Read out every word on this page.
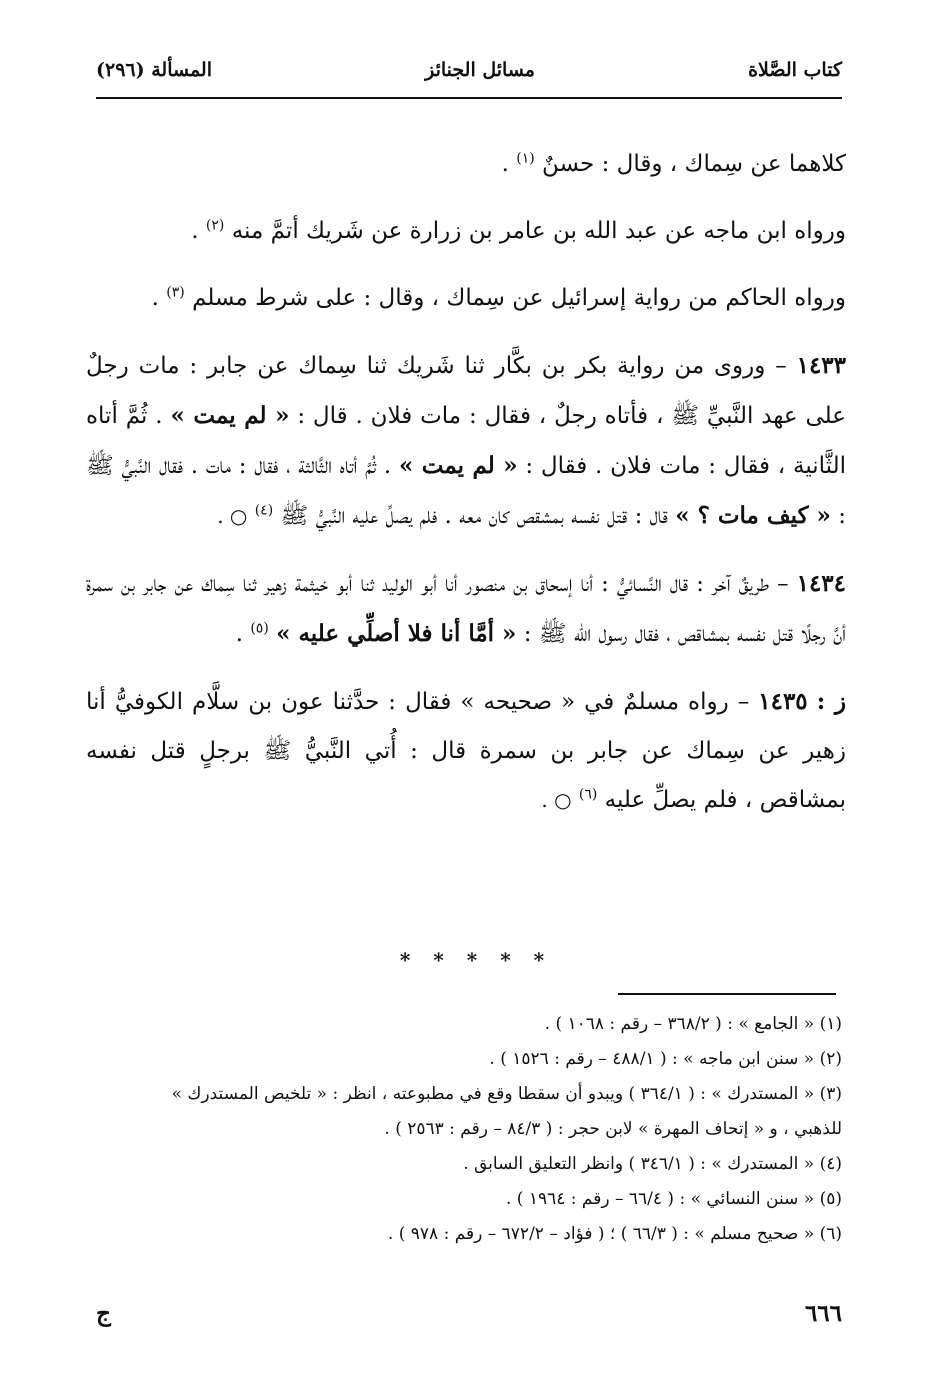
كتاب الصَّلاة
مسائل الجنائز
المسألة (٢٩٦)

كلاهما عن سِماك ، وقال : حسنٌ $^{(١)}$ .

ورواه ابن ماجه عن عبد الله بن عامر بن زرارة عن شَريك أتمَّ منه $^{(٢)}$ .

ورواه الحاكم من رواية إسرائيل عن سِماك ، وقال : على شرط مسلم $^{(٣)}$ .

١٤٣٣ – وروى من رواية بكر بن بكَّار ثنا شَريك ثنا سِماك عن جابر : مات رجلٌ على عهد النَّبيِّ ﷺ ، فأتاه رجلٌ ، فقال : مات فلان . قال : « لم يمت » . ثُمَّ أتاه الثَّانية ، فقال : مات فلان . فقال : « لم يمت » . ثُمَّ أتاه الثَّالثة ، فقال : مات . فقال النَّبيُّ ﷺ : « كيف مات ؟ » قال : قتل نفسه بمشقص كان معه . فلم يصلِّ عليه النَّبيُّ ﷺ $^{(٤)}$ ○ .

١٤٣٤ – طريقٌ آخر : قال النَّسائيُّ : أنا إسحاق بن منصور أنا أبو الوليد ثنا أبو خيثمة زهير ثنا سِماك عن جابر بن سمرة أنَّ رجلًا قتل نفسه بمشاقص ، فقال رسول الله ﷺ : « أمَّا أنا فلا أصلِّي عليه » $^{(٥)}$ .

ز : ١٤٣٥ – رواه مسلمٌ في « صحيحه » فقال : حدَّثنا عون بن سلَّام الكوفيُّ أنا زهير عن سِماك عن جابر بن سمرة قال : أُتي النَّبيُّ ﷺ برجلٍ قتل نفسه بمشاقص ، فلم يصلِّ عليه $^{(٦)}$ ○ .

* * * * *

(١) « الجامع » : ( ٣٦٨/٢ – رقم : ١٠٦٨ ) .

(٢) « سنن ابن ماجه » : ( ٤٨٨/١ – رقم : ١٥٢٦ ) .

(٣) « المستدرك » : ( ٣٦٤/١ ) ويبدو أن سقطا وقع في مطبوعته ، انظر : « تلخيص المستدرك »

للذهبي ، و « إتحاف المهرة » لابن حجر : ( ٨٤/٣ – رقم : ٢٥٦٣ ) .

(٤) « المستدرك » : ( ٣٤٦/١ ) وانظر التعليق السابق .

(٥) « سنن النسائي » : ( ٦٦/٤ – رقم : ١٩٦٤ ) .

(٦) « صحيح مسلم » : ( ٦٦/٣ ) ؛ ( فؤاد – ٦٧٢/٢ – رقم : ٩٧٨ ) .

٦٦٦
ج
